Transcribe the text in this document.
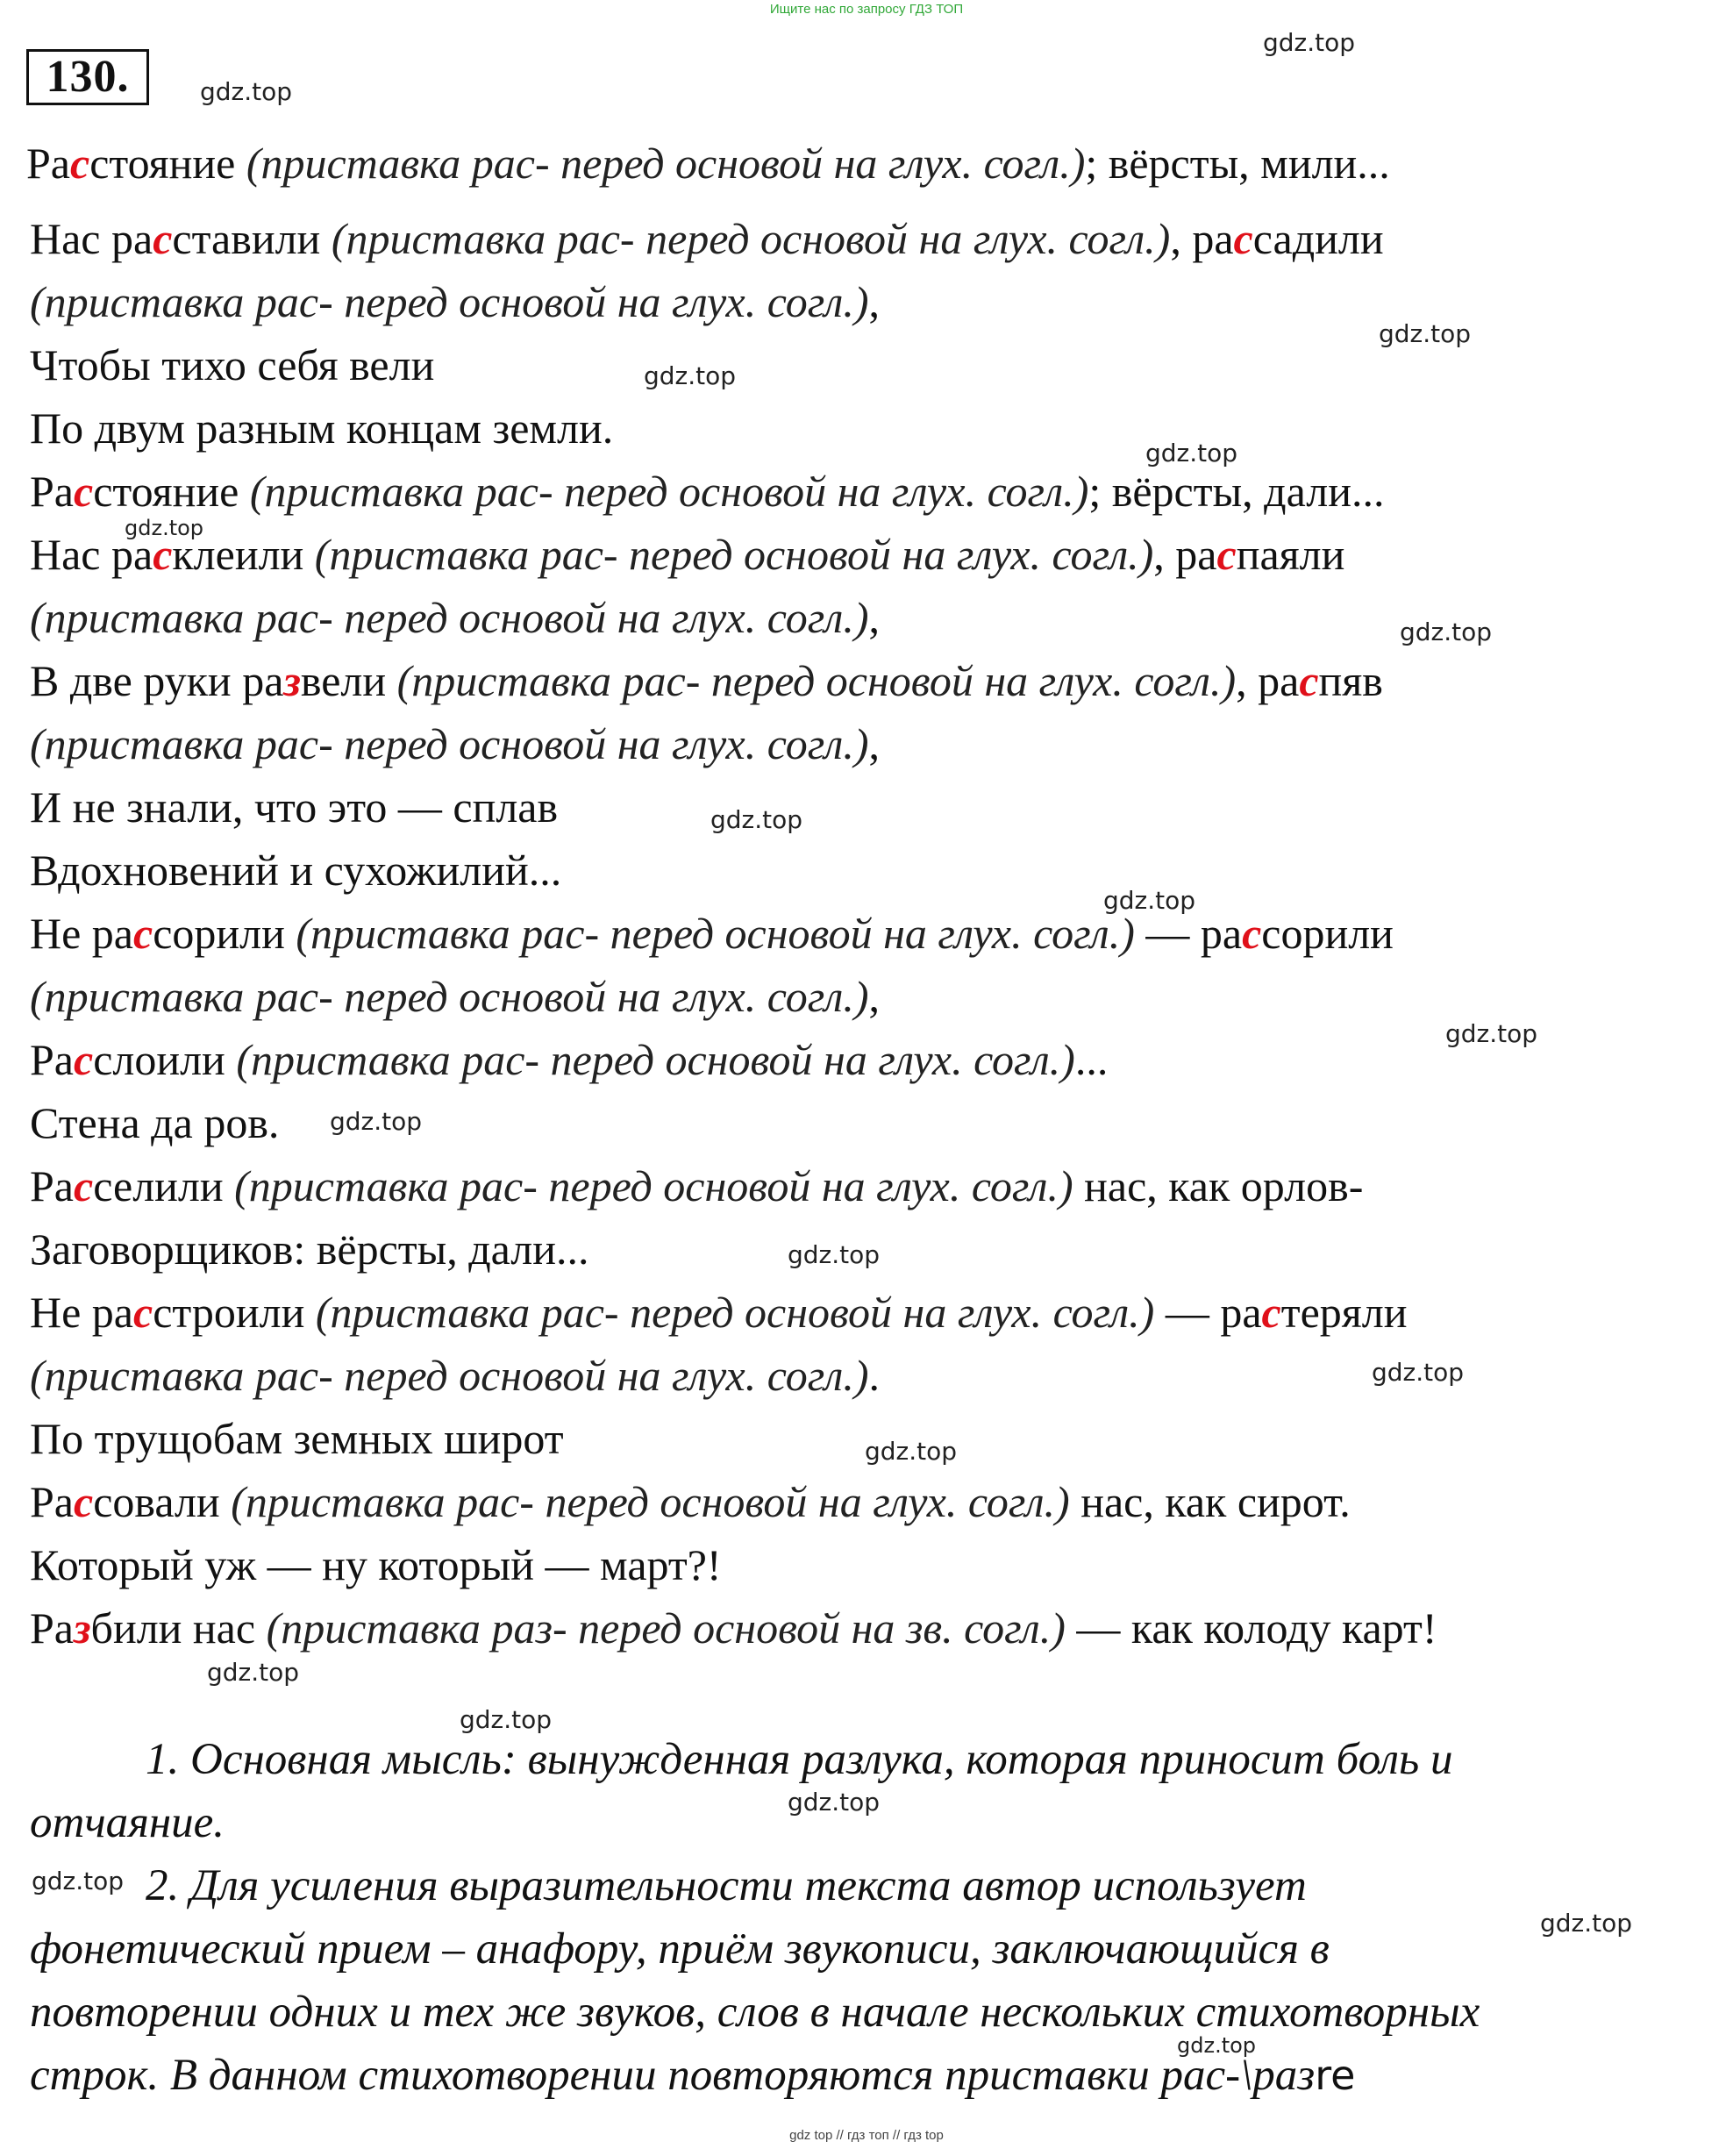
Ищите нас по запросу ГДЗ ТОП
130.
gdz.top
gdz.top
gdz.top
gdz.top
gdz.top
gdz.top
gdz.top
gdz.top
gdz.top
gdz.top
gdz.top
gdz.top
gdz.top
gdz.top
gdz.top
gdz.top
gdz.top
gdz.top
gdz.top
gdz.top
Расстояние (приставка рас- перед основой на глух. согл.); вёрсты, мили...
Нас расставили (приставка рас- перед основой на глух. согл.), рассадили
(приставка рас- перед основой на глух. согл.),
Чтобы тихо себя вели
По двум разным концам земли.
Расстояние (приставка рас- перед основой на глух. согл.); вёрсты, дали...
Нас расклеили (приставка рас- перед основой на глух. согл.), распаяли
(приставка рас- перед основой на глух. согл.),
В две руки развели (приставка рас- перед основой на глух. согл.), распяв
(приставка рас- перед основой на глух. согл.),
И не знали, что это — сплав
Вдохновений и сухожилий...
Не рассорили (приставка рас- перед основой на глух. согл.) — рассорили
(приставка рас- перед основой на глух. согл.),
Расслоили (приставка рас- перед основой на глух. согл.)...
Стена да ров.
Расселили (приставка рас- перед основой на глух. согл.) нас, как орлов-
Заговорщиков: вёрсты, дали...
Не расстроили (приставка рас- перед основой на глух. согл.) — растеряли
(приставка рас- перед основой на глух. согл.).
По трущобам земных широт
Рассовали (приставка рас- перед основой на глух. согл.) нас, как сирот.
Который уж — ну который — март?!
Разбили нас (приставка раз- перед основой на зв. согл.) — как колоду карт!
1. Основная мысль: вынужденная разлука, которая приносит боль и
отчаяние.
2. Для усиления выразительности текста автор использует
фонетический прием – анафору, приём звукописи, заключающийся в
повторении одних и тех же звуков, слов в начале нескольких стихотворных
строк. В данном стихотворении повторяются приставки рас-\разre
gdz top // гдз топ // гдз top
